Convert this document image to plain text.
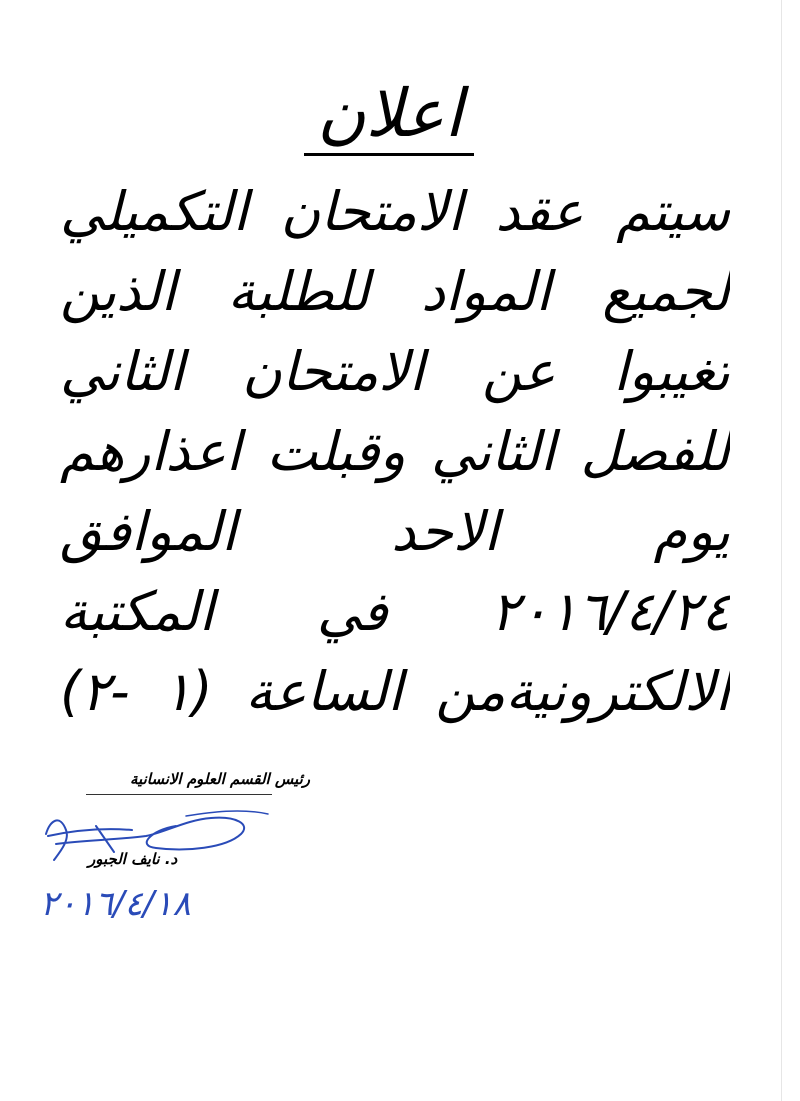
اعلان
سيتم عقد الامتحان التكميلي
لجميع المواد للطلبة الذين
تغيبوا عن الامتحان الثاني
للفصل الثاني وقبلت اعذارهم
يوم الاحد الموافق
٢٠١٦/٤/٢٤ في المكتبة
الالكترونيةمن الساعة (١ -٢)
رئيس القسم العلوم الانسانية
د. نايف الجبور
٢٠١٦/٤/١٨
